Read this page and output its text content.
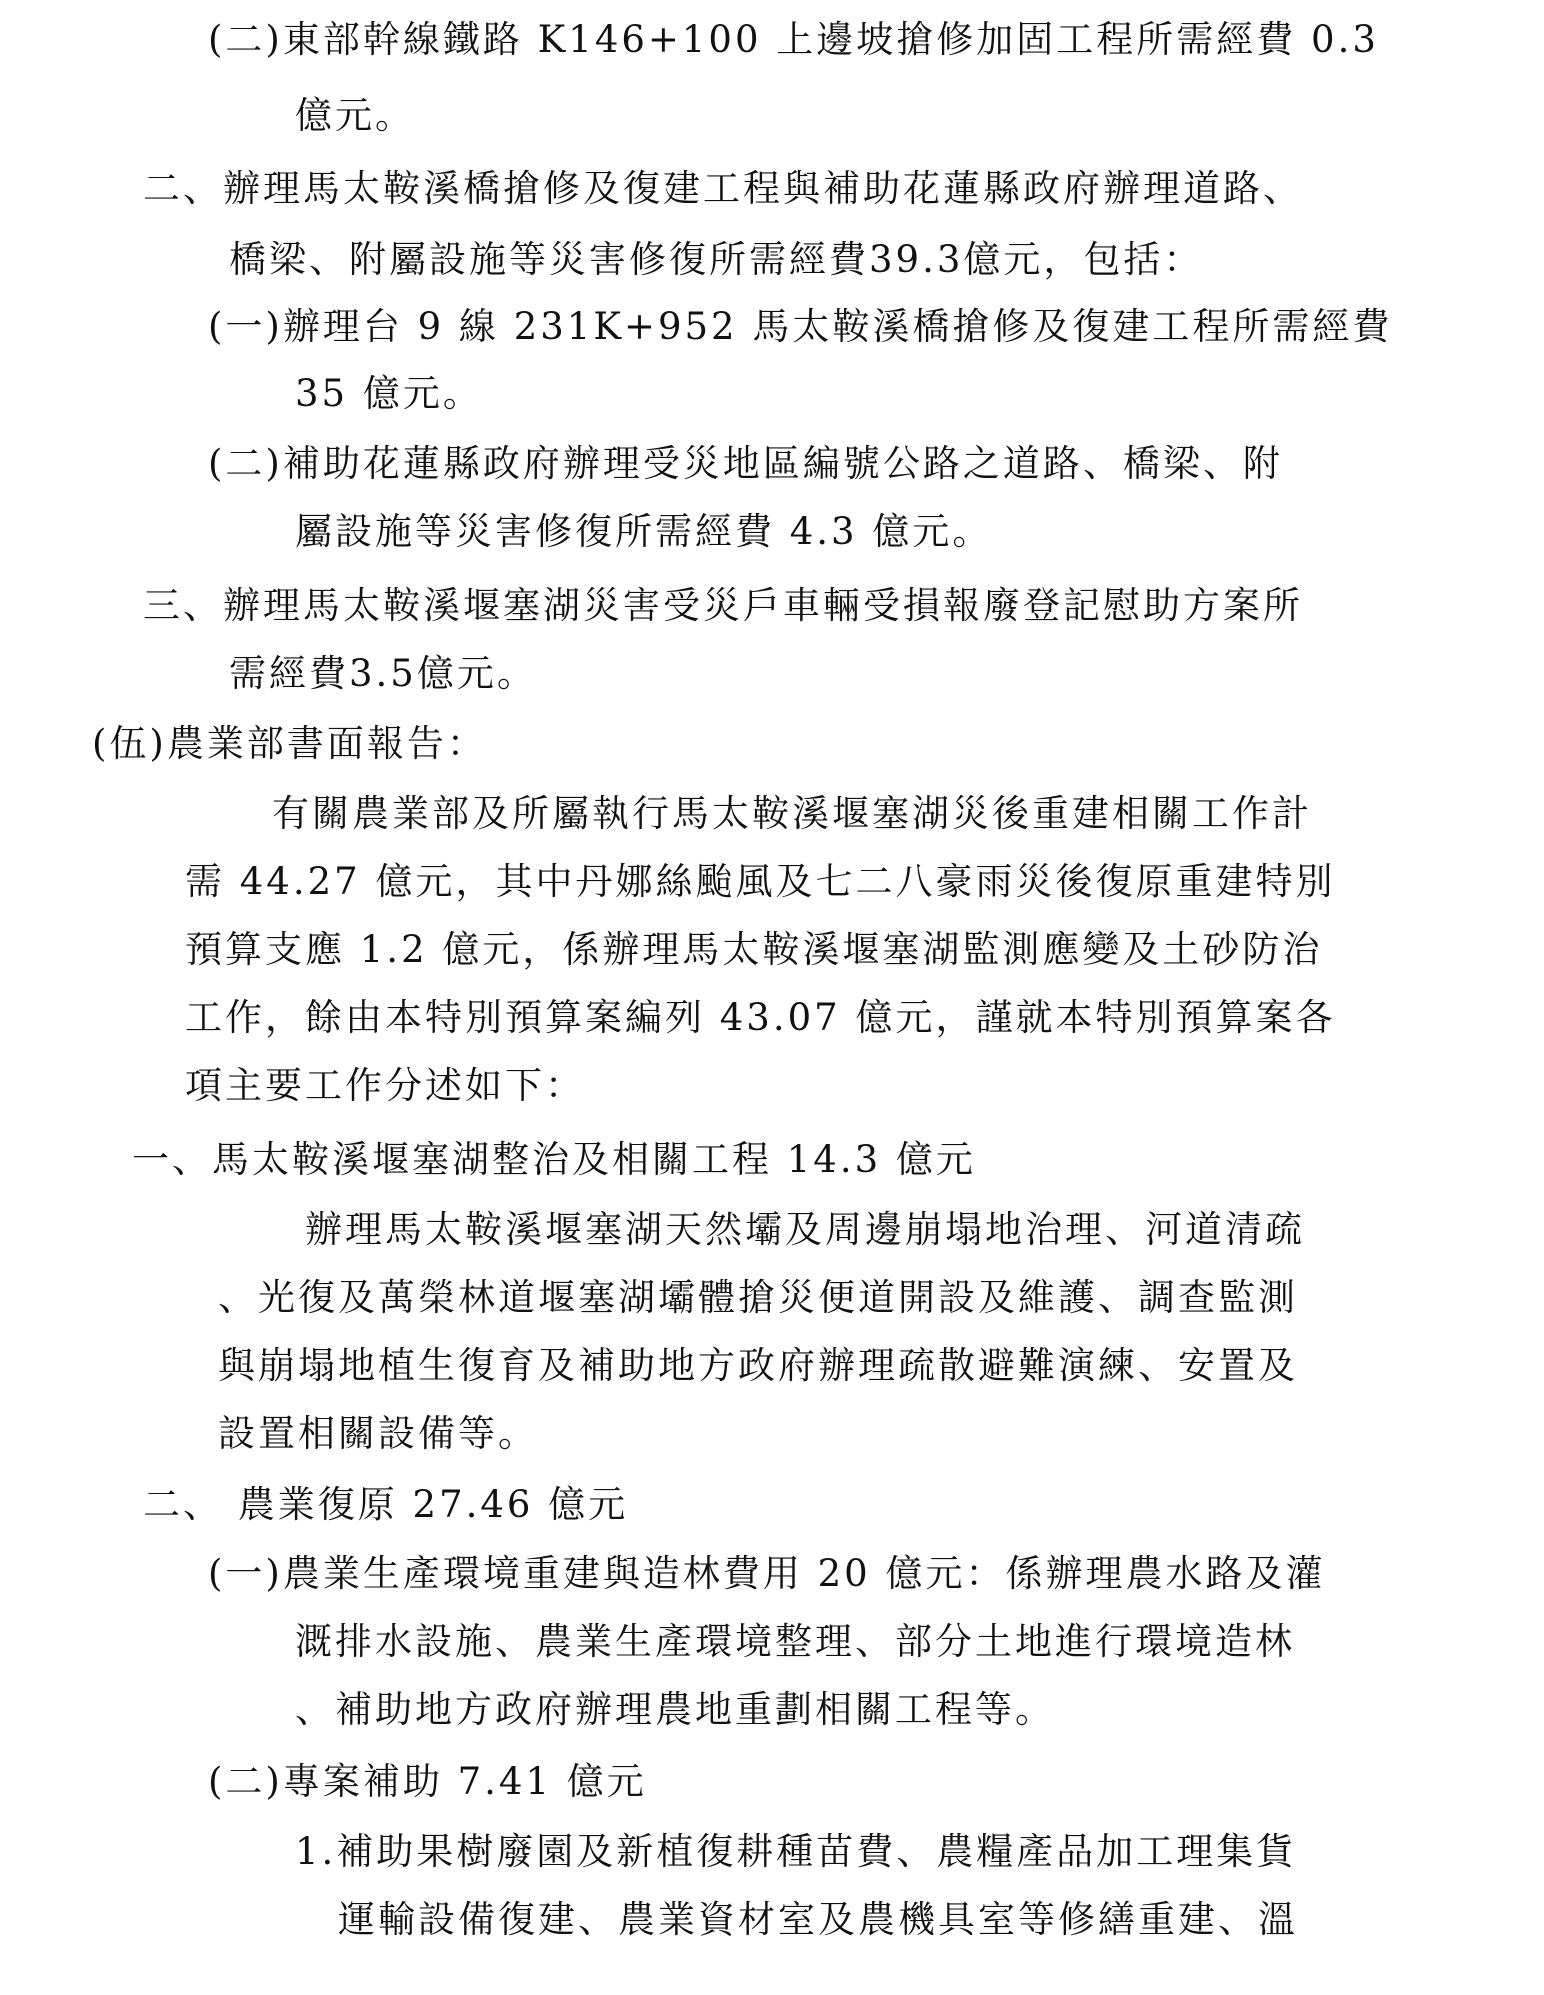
(二)東部幹線鐵路 K146+100 上邊坡搶修加固工程所需經費 0.3
億元。
二、辦理馬太鞍溪橋搶修及復建工程與補助花蓮縣政府辦理道路、
橋梁、附屬設施等災害修復所需經費39.3億元，包括：
(一)辦理台 9 線 231K+952 馬太鞍溪橋搶修及復建工程所需經費
35 億元。
(二)補助花蓮縣政府辦理受災地區編號公路之道路、橋梁、附
屬設施等災害修復所需經費 4.3 億元。
三、辦理馬太鞍溪堰塞湖災害受災戶車輛受損報廢登記慰助方案所
需經費3.5億元。
(伍)農業部書面報告：
有關農業部及所屬執行馬太鞍溪堰塞湖災後重建相關工作計
需 44.27 億元，其中丹娜絲颱風及七二八豪雨災後復原重建特別
預算支應 1.2 億元，係辦理馬太鞍溪堰塞湖監測應變及土砂防治
工作，餘由本特別預算案編列 43.07 億元，謹就本特別預算案各
項主要工作分述如下：
一、馬太鞍溪堰塞湖整治及相關工程 14.3 億元
辦理馬太鞍溪堰塞湖天然壩及周邊崩塌地治理、河道清疏
、光復及萬榮林道堰塞湖壩體搶災便道開設及維護、調查監測
與崩塌地植生復育及補助地方政府辦理疏散避難演練、安置及
設置相關設備等。
二、 農業復原 27.46 億元
(一)農業生產環境重建與造林費用 20 億元：係辦理農水路及灌
溉排水設施、農業生產環境整理、部分土地進行環境造林
、補助地方政府辦理農地重劃相關工程等。
(二)專案補助 7.41 億元
1.補助果樹廢園及新植復耕種苗費、農糧產品加工理集貨
運輸設備復建、農業資材室及農機具室等修繕重建、溫
